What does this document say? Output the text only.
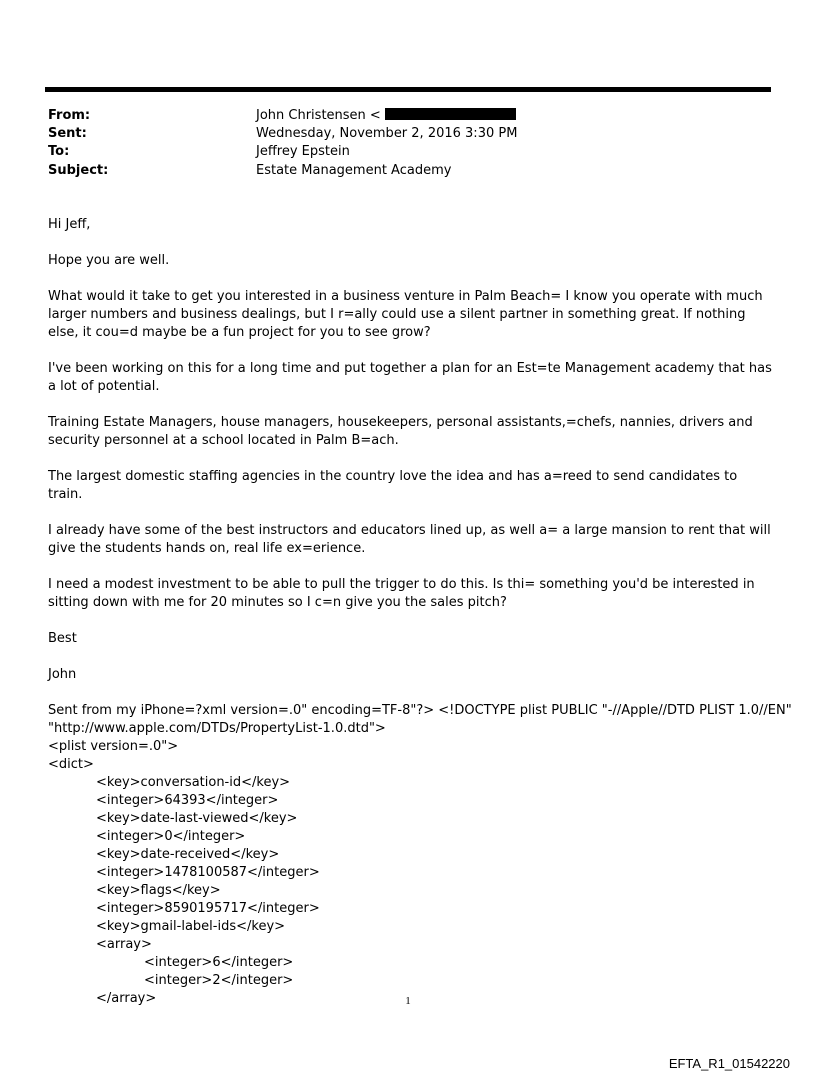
From:	John Christensen <
Sent:	Wednesday, November 2, 2016 3:30 PM
To:	Jeffrey Epstein
Subject:	Estate Management Academy

Hi Jeff,

Hope you are well.

What would it take to get you interested in a business venture in Palm Beach= I know you operate with much larger numbers and business dealings, but I r=ally could use a silent partner in something great. If nothing else, it cou=d maybe be a fun project for you to see grow?

I've been working on this for a long time and put together a plan for an Est=te Management academy that has a lot of potential.

Training Estate Managers, house managers, housekeepers, personal assistants,=chefs, nannies, drivers and security personnel at a school located in Palm B=ach.

The largest domestic staffing agencies in the country love the idea and has a=reed to send candidates to train.

I already have some of the best instructors and educators lined up, as well a= a large mansion to rent that will give the students hands on, real life ex=erience.

I need a modest investment to be able to pull the trigger to do this. Is thi= something you'd be interested in sitting down with me for 20 minutes so I c=n give you the sales pitch?

Best

John

Sent from my iPhone=?xml version=.0" encoding=TF-8"?> <!DOCTYPE plist PUBLIC "-//Apple//DTD PLIST 1.0//EN"
"http://www.apple.com/DTDs/PropertyList-1.0.dtd">
<plist version=.0">
<dict>
<key>conversation-id</key>
<integer>64393</integer>
<key>date-last-viewed</key>
<integer>0</integer>
<key>date-received</key>
<integer>1478100587</integer>
<key>flags</key>
<integer>8590195717</integer>
<key>gmail-label-ids</key>
<array>
<integer>6</integer>
<integer>2</integer>
</array>	1
EFTA_R1_01542220
